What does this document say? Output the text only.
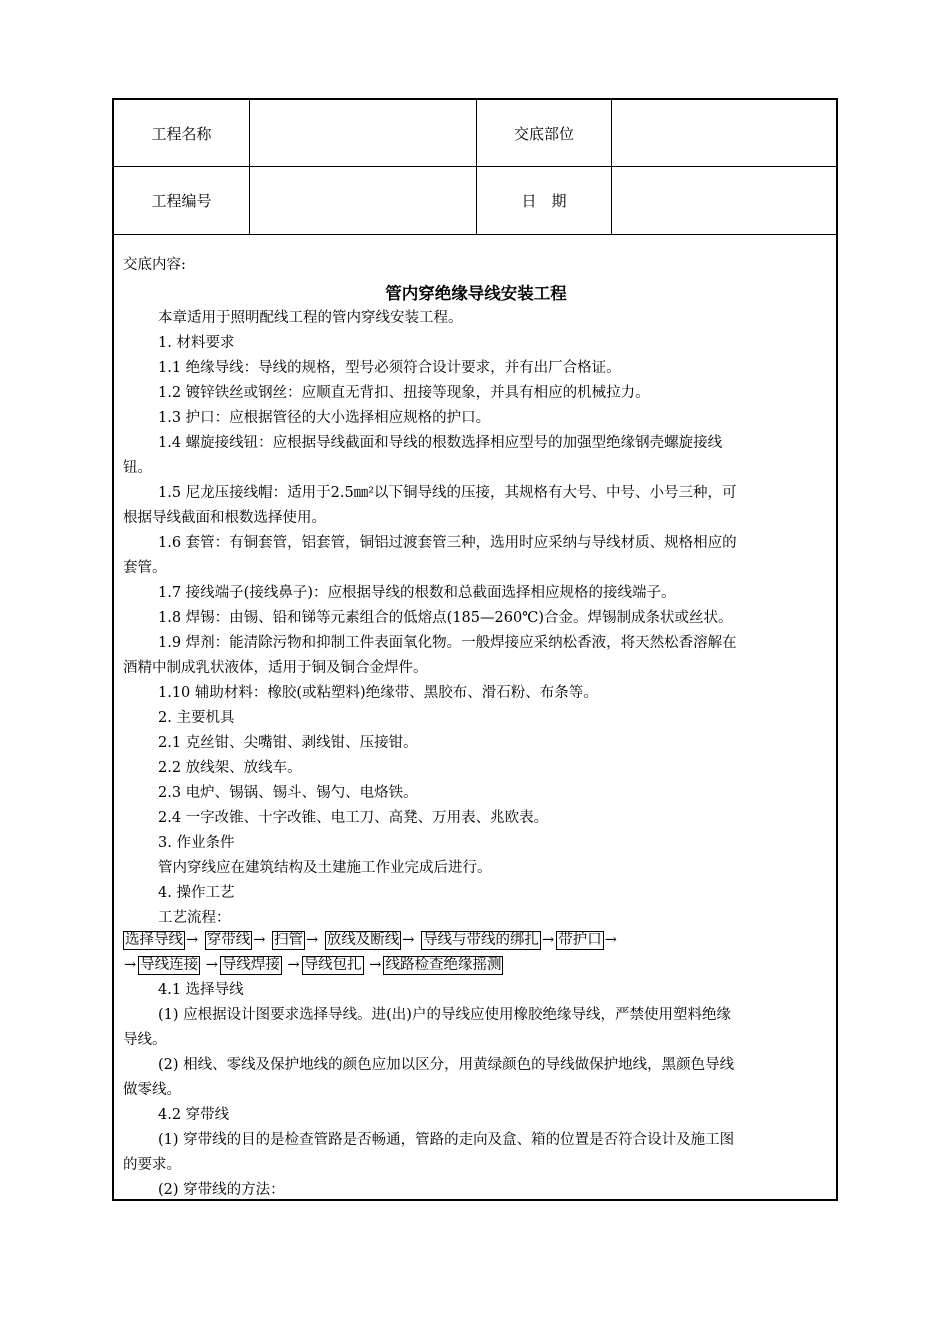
工程名称	交底部位
工程编号	日　期
交底内容:
管内穿绝缘导线安装工程
本章适用于照明配线工程的管内穿线安装工程。
1. 材料要求
1.1 绝缘导线：导线的规格，型号必须符合设计要求，并有出厂合格证。
1.2 镀锌铁丝或钢丝：应顺直无背扣、扭接等现象，并具有相应的机械拉力。
1.3 护口：应根据管径的大小选择相应规格的护口。
1.4 螺旋接线钮：应根据导线截面和导线的根数选择相应型号的加强型绝缘钢壳螺旋接线
钮。
1.5 尼龙压接线帽：适用于2.5㎜²以下铜导线的压接，其规格有大号、中号、小号三种，可
根据导线截面和根数选择使用。
1.6 套管：有铜套管，铝套管，铜铝过渡套管三种，选用时应采纳与导线材质、规格相应的
套管。
1.7 接线端子(接线鼻子)：应根据导线的根数和总截面选择相应规格的接线端子。
1.8 焊锡：由锡、铅和锑等元素组合的低熔点(185—260℃)合金。焊锡制成条状或丝状。
1.9 焊剂：能清除污物和抑制工件表面氧化物。一般焊接应采纳松香液，将天然松香溶解在
酒精中制成乳状液体，适用于铜及铜合金焊件。
1.10 辅助材料：橡胶(或粘塑料)绝缘带、黑胶布、滑石粉、布条等。
2. 主要机具
2.1 克丝钳、尖嘴钳、剥线钳、压接钳。
2.2 放线架、放线车。
2.3 电炉、锡锅、锡斗、锡勺、电烙铁。
2.4 一字改锥、十字改锥、电工刀、高凳、万用表、兆欧表。
3. 作业条件
管内穿线应在建筑结构及土建施工作业完成后进行。
4. 操作工艺
工艺流程：
选择导线 → 穿带线 → 扫管 → 放线及断线 → 导线与带线的绑扎 → 带护口 →
→ 导线连接 → 导线焊接 → 导线包扎 → 线路检查绝缘摇测
4.1 选择导线
(1) 应根据设计图要求选择导线。进(出)户的导线应使用橡胶绝缘导线，严禁使用塑料绝缘
导线。
(2) 相线、零线及保护地线的颜色应加以区分，用黄绿颜色的导线做保护地线，黑颜色导线
做零线。
4.2 穿带线
(1) 穿带线的目的是检查管路是否畅通，管路的走向及盒、箱的位置是否符合设计及施工图
的要求。
(2) 穿带线的方法：
